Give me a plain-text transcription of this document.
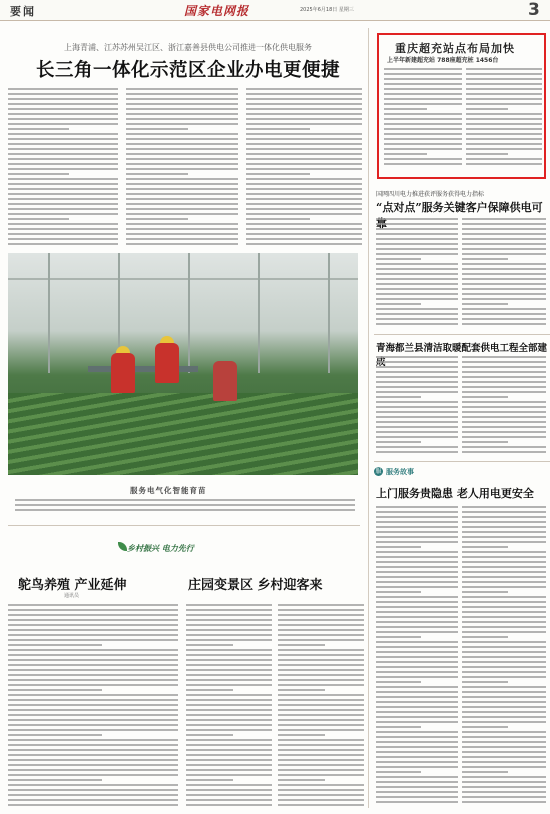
要闻	国家电网报	2025年6月18日 星期三	3
上海青浦、江苏苏州吴江区、浙江嘉善县供电公司推进一体化供电服务
长三角一体化示范区企业办电更便捷
服务电气化智能育苗
乡村振兴 电力先行
鸵鸟养殖 产业延伸
通讯员
庄园变景区 乡村迎客来
重庆超充站点布局加快
上半年新建超充站 788座超充桩 1456台
国网四川电力推进获评服务获得电力指标
“点对点”服务关键客户保障供电可靠
青海都兰县清洁取暖配套供电工程全部建
服 服务故事
上门服务贵隐患 老人用电更安全
